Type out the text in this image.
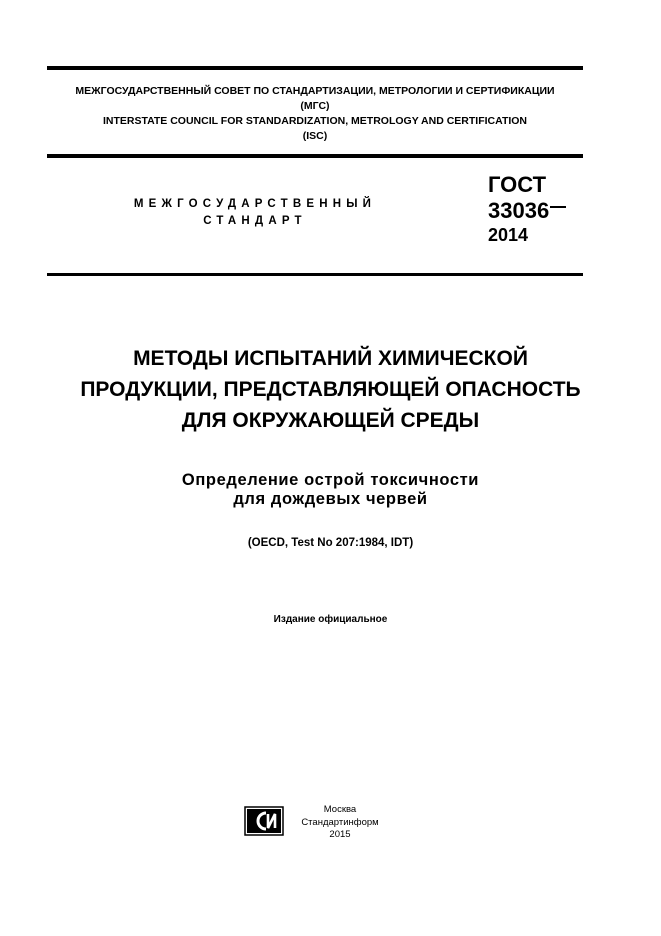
МЕЖГОСУДАРСТВЕННЫЙ СОВЕТ ПО СТАНДАРТИЗАЦИИ, МЕТРОЛОГИИ И СЕРТИФИКАЦИИ
(МГС)
INTERSTATE COUNCIL FOR STANDARDIZATION, METROLOGY AND CERTIFICATION
(ISC)
МЕЖГОСУДАРСТВЕННЫЙ
СТАНДАРТ
ГОСТ
33036
2014
МЕТОДЫ ИСПЫТАНИЙ ХИМИЧЕСКОЙ
ПРОДУКЦИИ, ПРЕДСТАВЛЯЮЩЕЙ ОПАСНОСТЬ
ДЛЯ ОКРУЖАЮЩЕЙ СРЕДЫ
Определение острой токсичности
для дождевых червей
(OECD, Test No 207:1984, IDT)
Издание официальное
Москва
Стандартинформ
2015
